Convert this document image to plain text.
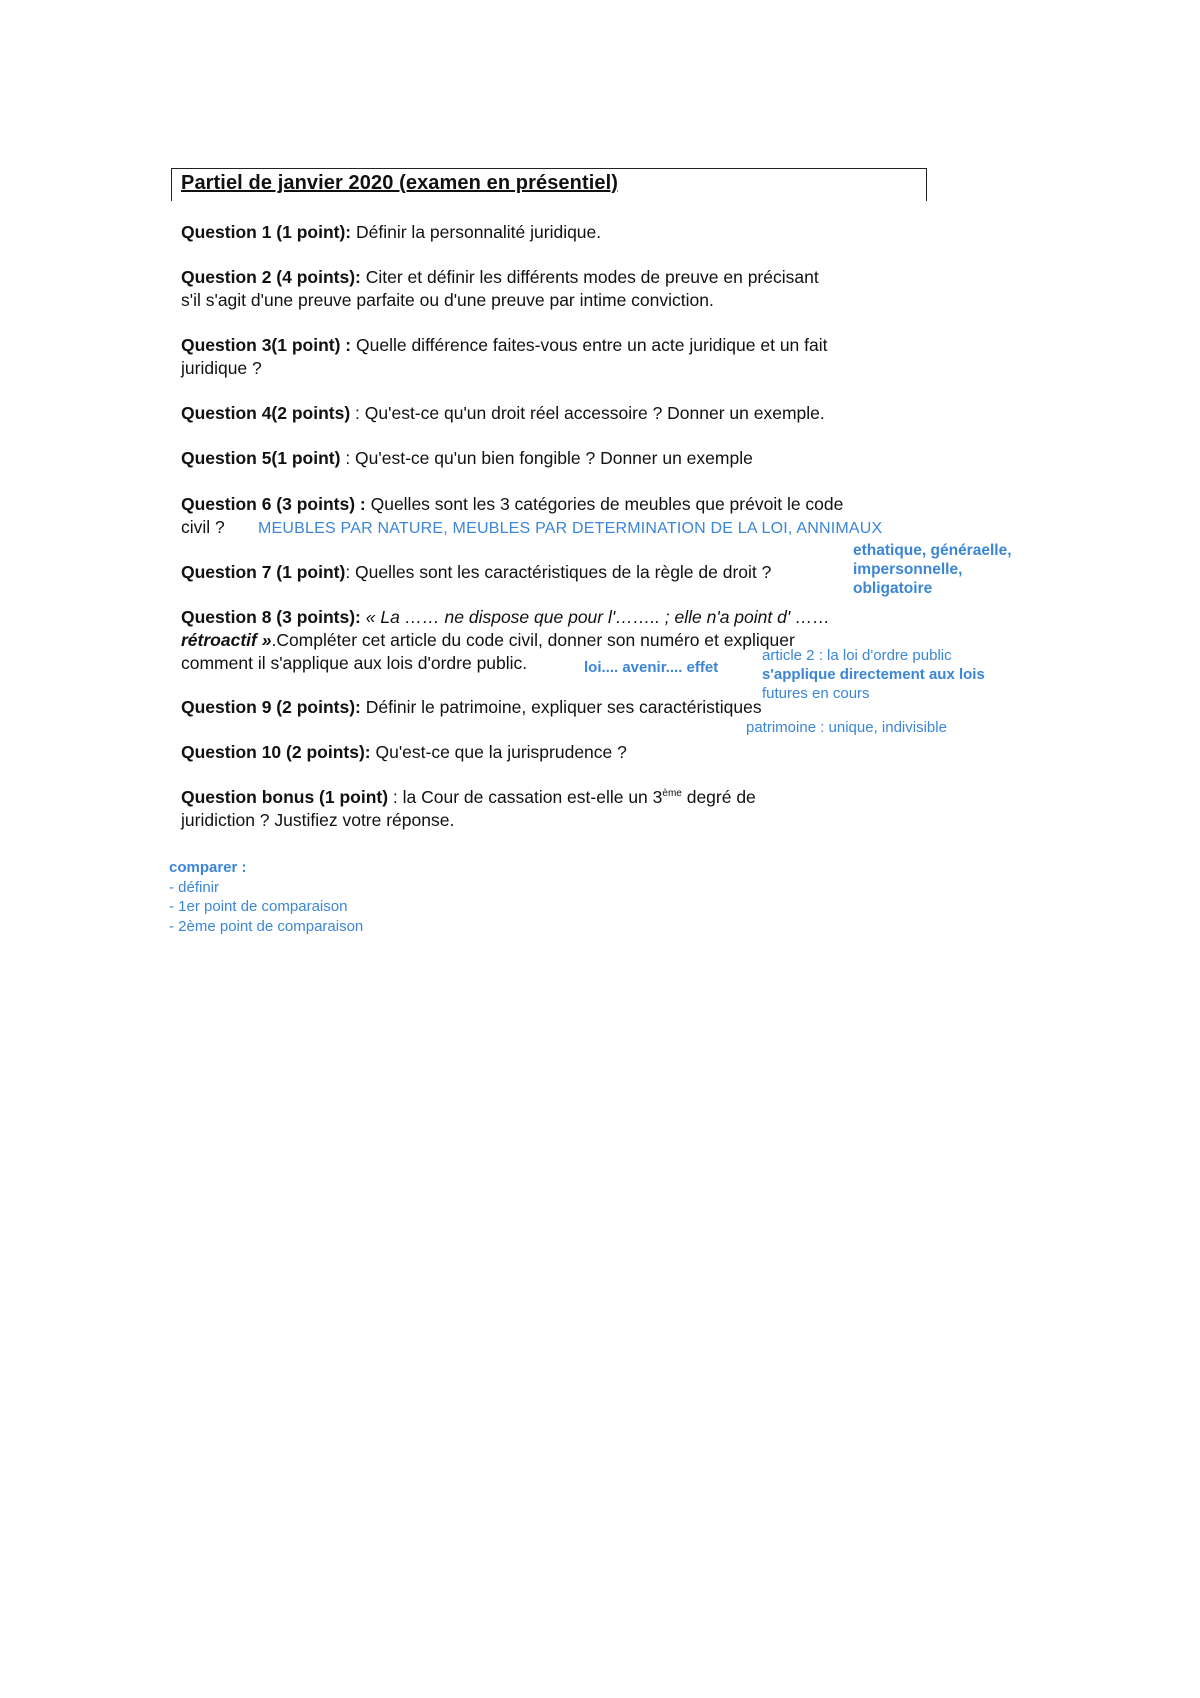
Partiel de janvier 2020 (examen en présentiel)
Question 1 (1 point): Définir la personnalité juridique.
Question 2 (4 points): Citer et définir les différents modes de preuve en précisant
s'il s'agit d'une preuve parfaite ou d'une preuve par intime conviction.
Question 3(1 point) : Quelle différence faites-vous entre un acte juridique et un fait
juridique ?
Question 4(2 points) : Qu'est-ce qu'un droit réel accessoire ? Donner un exemple.
Question 5(1 point) : Qu'est-ce qu'un bien fongible ? Donner un exemple
Question 6 (3 points) : Quelles sont les 3 catégories de meubles que prévoit le code
civil ?	MEUBLES PAR NATURE, MEUBLES PAR DETERMINATION DE LA LOI, ANNIMAUX
Question 7 (1 point): Quelles sont les caractéristiques de la règle de droit ?
ethatique, généraelle,
impersonnelle,
obligatoire
Question 8 (3 points): « La …… ne dispose que pour l'…….. ; elle n'a point d' ……
rétroactif ».Compléter cet article du code civil, donner son numéro et expliquer
comment il s'applique aux lois d'ordre public.	loi.... avenir.... effet
article 2 : la loi d'ordre public
s'applique directement aux lois
futures en cours
Question 9 (2 points): Définir le patrimoine, expliquer ses caractéristiques
patrimoine : unique, indivisible
Question 10 (2 points): Qu'est-ce que la jurisprudence ?
Question bonus (1 point) : la Cour de cassation est-elle un 3ème degré de
juridiction ? Justifiez votre réponse.
comparer :
- définir
- 1er point de comparaison
- 2ème point de comparaison
